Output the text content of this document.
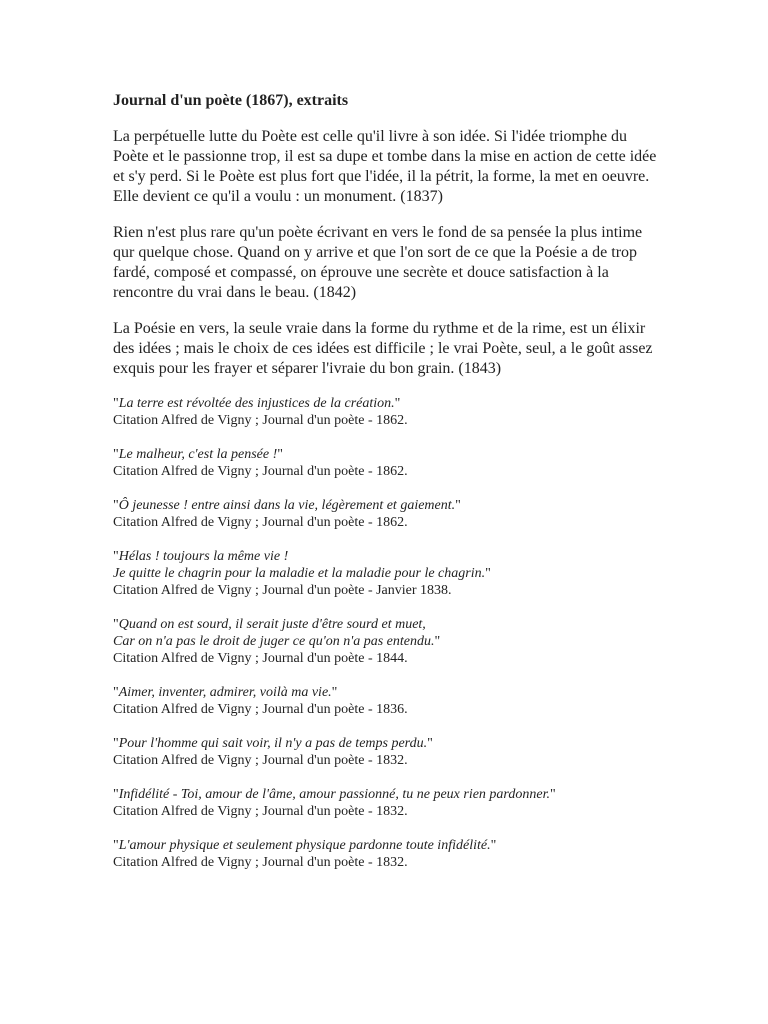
Journal d'un poète (1867), extraits

La perpétuelle lutte du Poète est celle qu'il livre à son idée. Si l'idée triomphe du Poète et le passionne trop, il est sa dupe et tombe dans la mise en action de cette idée et s'y perd. Si le Poète est plus fort que l'idée, il la pétrit, la forme, la met en oeuvre. Elle devient ce qu'il a voulu : un monument. (1837)

Rien n'est plus rare qu'un poète écrivant en vers le fond de sa pensée la plus intime qur quelque chose. Quand on y arrive et que l'on sort de ce que la Poésie a de trop fardé, composé et compassé, on éprouve une secrète et douce satisfaction à la rencontre du vrai dans le beau. (1842)

La Poésie en vers, la seule vraie dans la forme du rythme et de la rime, est un élixir des idées ; mais le choix de ces idées est difficile ; le vrai Poète, seul, a le goût assez exquis pour les frayer et séparer l'ivraie du bon grain. (1843)

"La terre est révoltée des injustices de la création."
Citation Alfred de Vigny ; Journal d'un poète - 1862.
"Le malheur, c'est la pensée !"
Citation Alfred de Vigny ; Journal d'un poète - 1862.
"Ô jeunesse ! entre ainsi dans la vie, légèrement et gaiement."
Citation Alfred de Vigny ; Journal d'un poète - 1862.
"Hélas ! toujours la même vie !
Je quitte le chagrin pour la maladie et la maladie pour le chagrin."
Citation Alfred de Vigny ; Journal d'un poète - Janvier 1838.
"Quand on est sourd, il serait juste d'être sourd et muet,
Car on n'a pas le droit de juger ce qu'on n'a pas entendu."
Citation Alfred de Vigny ; Journal d'un poète - 1844.
"Aimer, inventer, admirer, voilà ma vie."
Citation Alfred de Vigny ; Journal d'un poète - 1836.
"Pour l'homme qui sait voir, il n'y a pas de temps perdu."
Citation Alfred de Vigny ; Journal d'un poète - 1832.
"Infidélité - Toi, amour de l'âme, amour passionné, tu ne peux rien pardonner."
Citation Alfred de Vigny ; Journal d'un poète - 1832.
"L'amour physique et seulement physique pardonne toute infidélité."
Citation Alfred de Vigny ; Journal d'un poète - 1832.
